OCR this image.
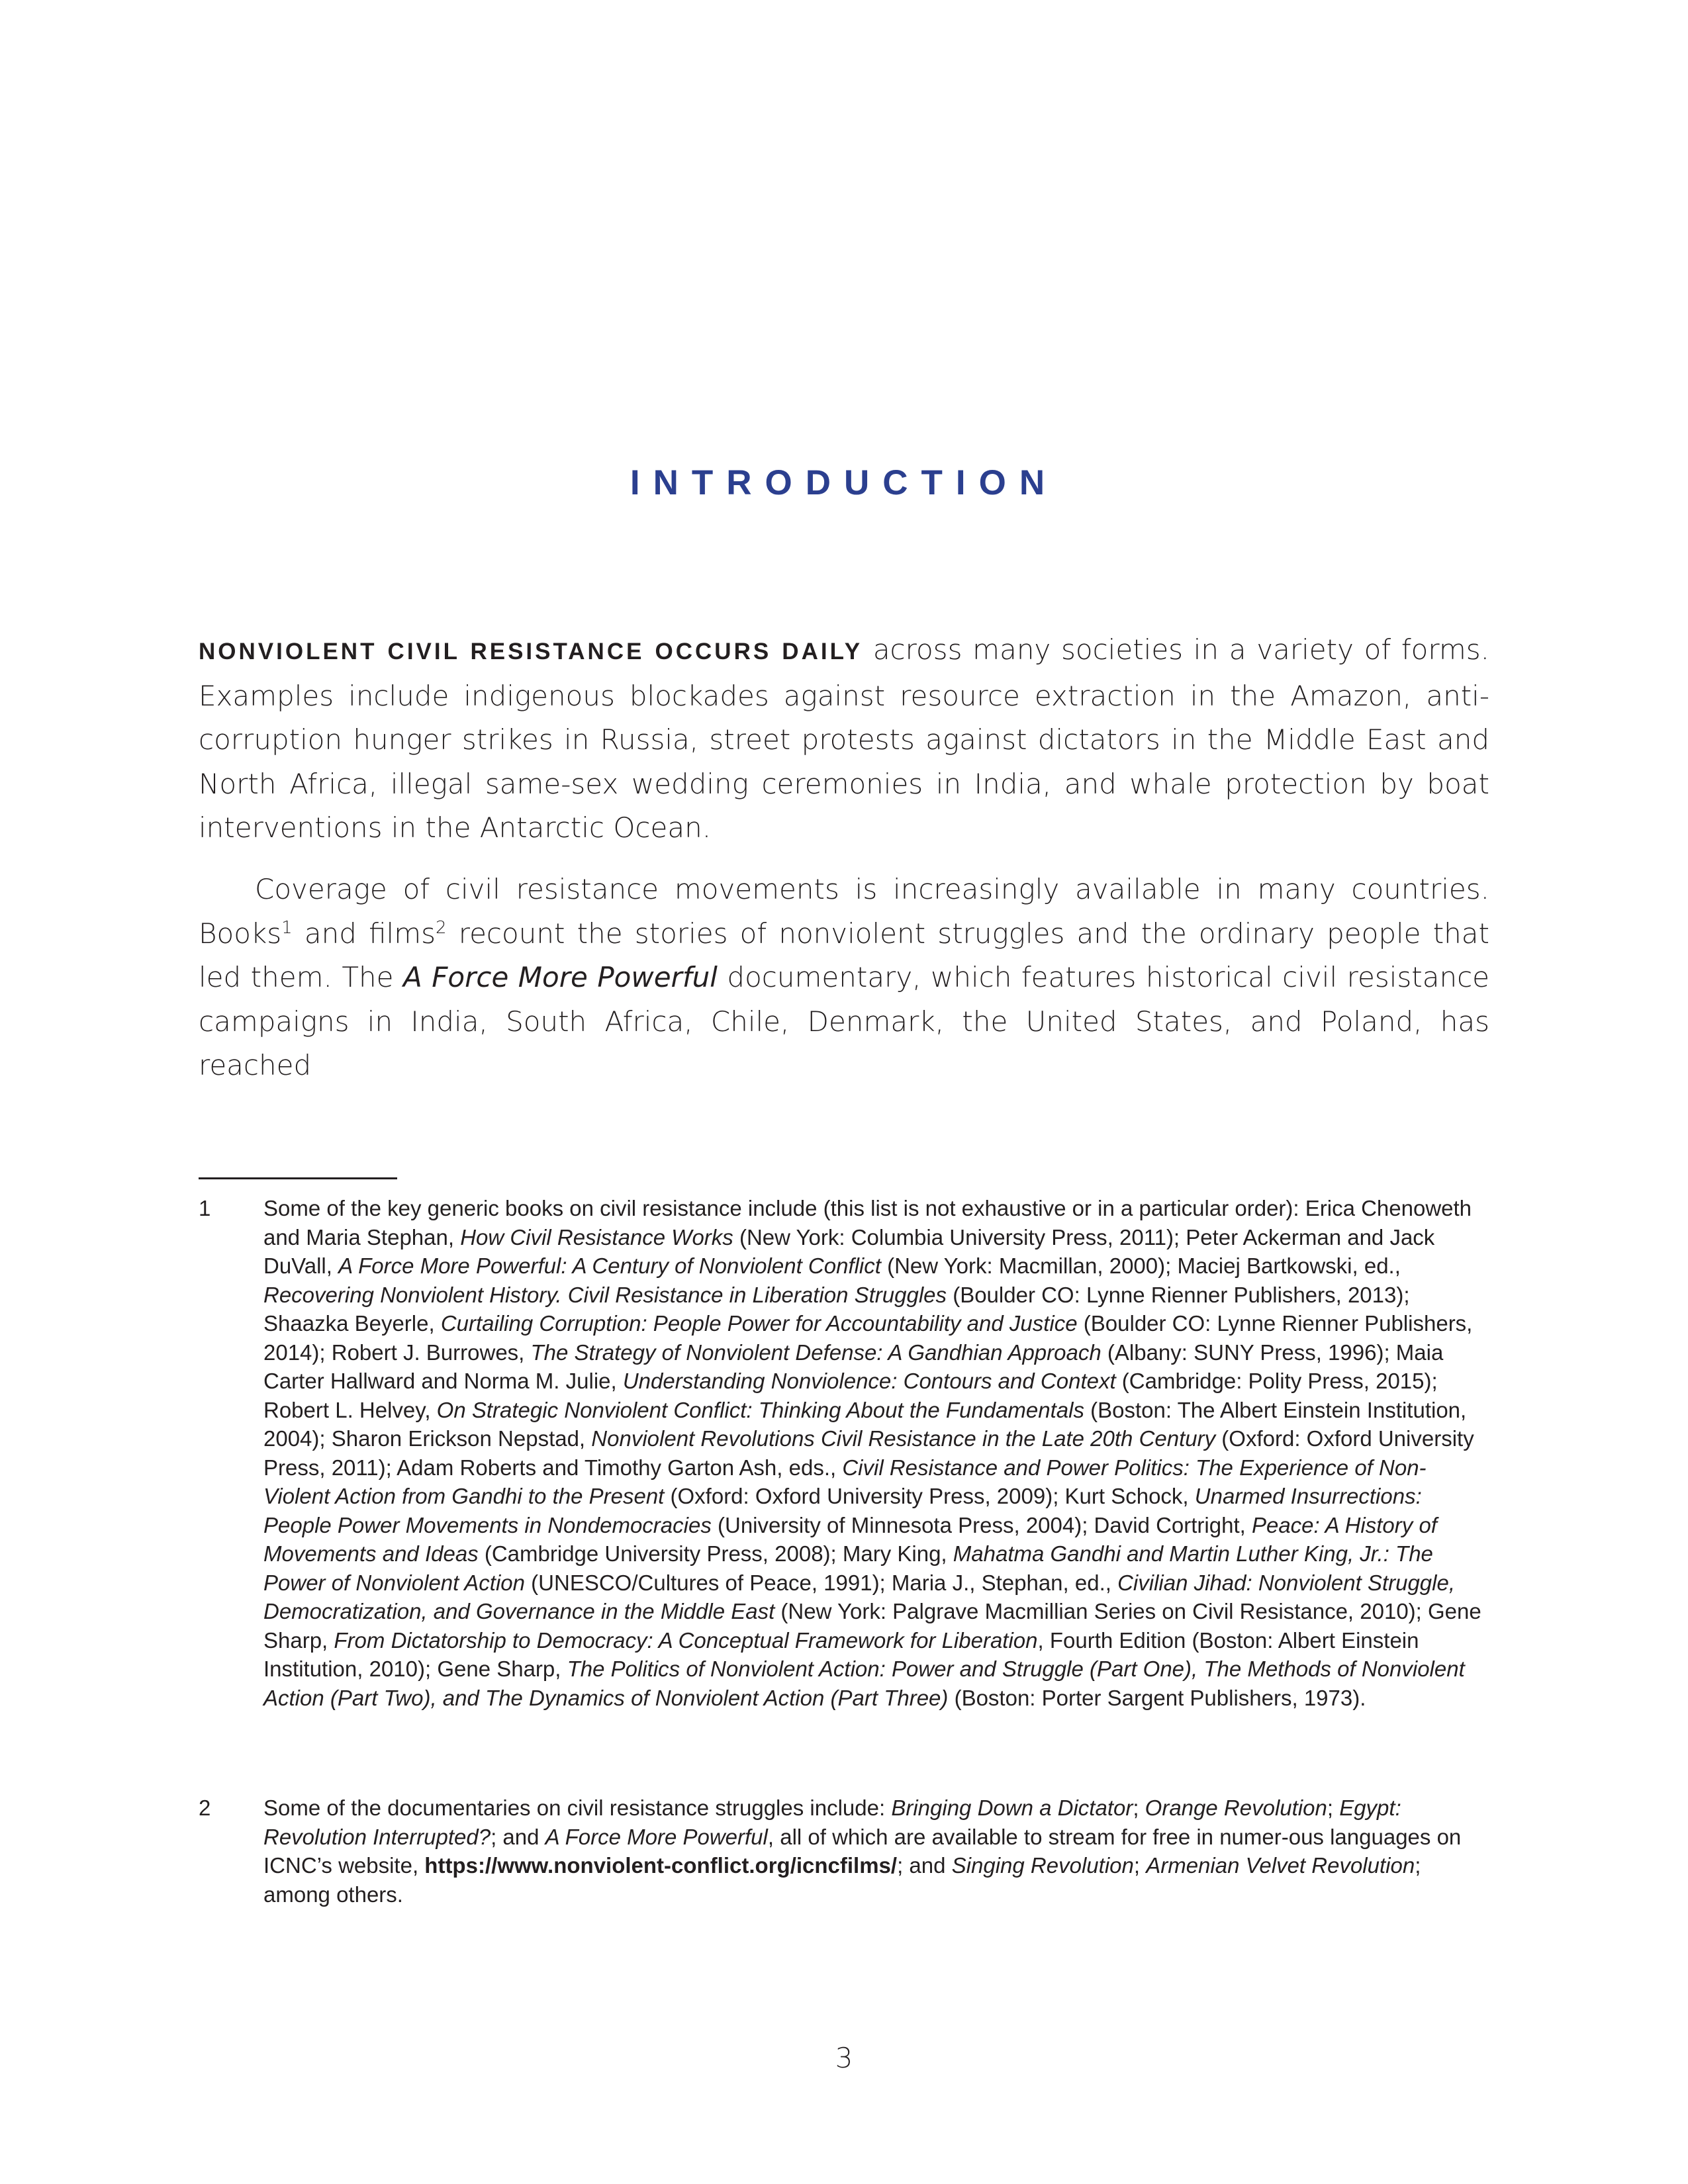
INTRODUCTION

NONVIOLENT CIVIL RESISTANCE OCCURS DAILY across many societies in a variety of forms. Examples include indigenous blockades against resource extraction in the Amazon, anti-corruption hunger strikes in Russia, street protests against dictators in the Middle East and North Africa, illegal same-sex wedding ceremonies in India, and whale protection by boat interventions in the Antarctic Ocean.

Coverage of civil resistance movements is increasingly available in many countries. Books$^1$ and films$^2$ recount the stories of nonviolent struggles and the ordinary people that led them. The A Force More Powerful documentary, which features historical civil resistance campaigns in India, South Africa, Chile, Denmark, the United States, and Poland, has reached

1	Some of the key generic books on civil resistance include (this list is not exhaustive or in a particular order): Erica Chenoweth and Maria Stephan, How Civil Resistance Works (New York: Columbia University Press, 2011); Peter Ackerman and Jack DuVall, A Force More Powerful: A Century of Nonviolent Conflict (New York: Macmillan, 2000); Maciej Bartkowski, ed., Recovering Nonviolent History. Civil Resistance in Liberation Struggles (Boulder CO: Lynne Rienner Publishers, 2013); Shaazka Beyerle, Curtailing Corruption: People Power for Accountability and Justice (Boulder CO: Lynne Rienner Publishers, 2014); Robert J. Burrowes, The Strategy of Nonviolent Defense: A Gandhian Approach (Albany: SUNY Press, 1996); Maia Carter Hallward and Norma M. Julie, Understanding Nonviolence: Contours and Context (Cambridge: Polity Press, 2015); Robert L. Helvey, On Strategic Nonviolent Conflict: Thinking About the Fundamentals (Boston: The Albert Einstein Institution, 2004); Sharon Erickson Nepstad, Nonviolent Revolutions Civil Resistance in the Late 20th Century (Oxford: Oxford University Press, 2011); Adam Roberts and Timothy Garton Ash, eds., Civil Resistance and Power Politics: The Experience of Non-Violent Action from Gandhi to the Present (Oxford: Oxford University Press, 2009); Kurt Schock, Unarmed Insurrections: People Power Movements in Nondemocracies (University of Minnesota Press, 2004); David Cortright, Peace: A History of Movements and Ideas (Cambridge University Press, 2008); Mary King, Mahatma Gandhi and Martin Luther King, Jr.: The Power of Nonviolent Action (UNESCO/Cultures of Peace, 1991); Maria J., Stephan, ed., Civilian Jihad: Nonviolent Struggle, Democratization, and Governance in the Middle East (New York: Palgrave Macmillian Series on Civil Resistance, 2010); Gene Sharp, From Dictatorship to Democracy: A Conceptual Framework for Liberation, Fourth Edition (Boston: Albert Einstein Institution, 2010); Gene Sharp, The Politics of Nonviolent Action: Power and Struggle (Part One), The Methods of Nonviolent Action (Part Two), and The Dynamics of Nonviolent Action (Part Three) (Boston: Porter Sargent Publishers, 1973).
2	Some of the documentaries on civil resistance struggles include: Bringing Down a Dictator; Orange Revolution; Egypt: Revolution Interrupted?; and A Force More Powerful, all of which are available to stream for free in numer-ous languages on ICNC’s website, https://www.nonviolent-conflict.org/icncfilms/; and Singing Revolution; Armenian Velvet Revolution; among others.
3
